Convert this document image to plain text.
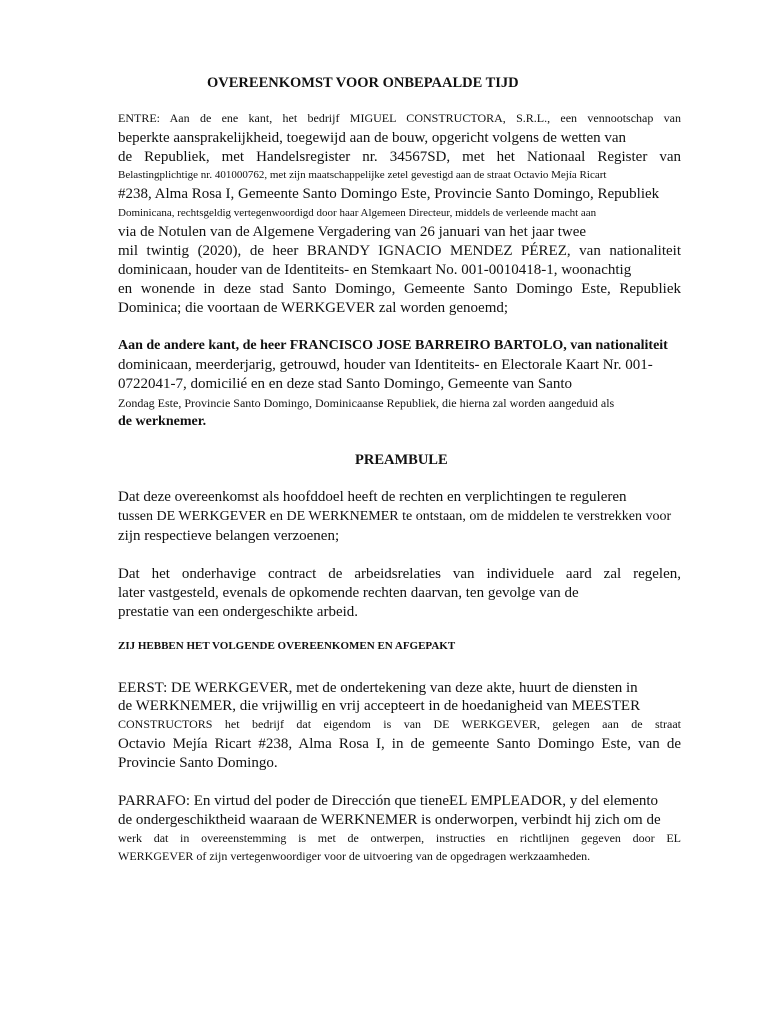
OVEREENKOMST VOOR ONBEPAALDE TIJD
ENTRE: Aan de ene kant, het bedrijf MIGUEL CONSTRUCTORA, S.R.L., een vennootschap van
beperkte aansprakelijkheid, toegewijd aan de bouw, opgericht volgens de wetten van
de Republiek, met Handelsregister nr. 34567SD, met het Nationaal Register van
Belastingplichtige nr. 401000762, met zijn maatschappelijke zetel gevestigd aan de straat Octavio Mejía Ricart
#238, Alma Rosa I, Gemeente Santo Domingo Este, Provincie Santo Domingo, Republiek
Dominicana, rechtsgeldig vertegenwoordigd door haar Algemeen Directeur, middels de verleende macht aan
via de Notulen van de Algemene Vergadering van 26 januari van het jaar twee
mil twintig (2020), de heer BRANDY IGNACIO MENDEZ PÉREZ, van nationaliteit
dominicaan, houder van de Identiteits- en Stemkaart No. 001-0010418-1, woonachtig
en wonende in deze stad Santo Domingo, Gemeente Santo Domingo Este, Republiek
Dominica; die voortaan de WERKGEVER zal worden genoemd;
Aan de andere kant, de heer FRANCISCO JOSE BARREIRO BARTOLO, van nationaliteit
dominicaan, meerderjarig, getrouwd, houder van Identiteits- en Electorale Kaart Nr. 001-
0722041-7, domicilié en en deze stad Santo Domingo, Gemeente van Santo
Zondag Este, Provincie Santo Domingo, Dominicaanse Republiek, die hierna zal worden aangeduid als
de werknemer.
PREAMBULE
Dat deze overeenkomst als hoofddoel heeft de rechten en verplichtingen te reguleren
tussen DE WERKGEVER en DE WERKNEMER te ontstaan, om de middelen te verstrekken voor
zijn respectieve belangen verzoenen;
Dat het onderhavige contract de arbeidsrelaties van individuele aard zal regelen,
later vastgesteld, evenals de opkomende rechten daarvan, ten gevolge van de
prestatie van een ondergeschikte arbeid.
ZIJ HEBBEN HET VOLGENDE OVEREENKOMEN EN AFGEPAKT
EERST: DE WERKGEVER, met de ondertekening van deze akte, huurt de diensten in
de WERKNEMER, die vrijwillig en vrij accepteert in de hoedanigheid van MEESTER
CONSTRUCTORS het bedrijf dat eigendom is van DE WERKGEVER, gelegen aan de straat
Octavio Mejía Ricart #238, Alma Rosa I, in de gemeente Santo Domingo Este, van de
Provincie Santo Domingo.
PARRAFO: En virtud del poder de Dirección que tieneEL EMPLEADOR, y del elemento
de ondergeschiktheid waaraan de WERKNEMER is onderworpen, verbindt hij zich om de
werk dat in overeenstemming is met de ontwerpen, instructies en richtlijnen gegeven door EL
WERKGEVER of zijn vertegenwoordiger voor de uitvoering van de opgedragen werkzaamheden.
